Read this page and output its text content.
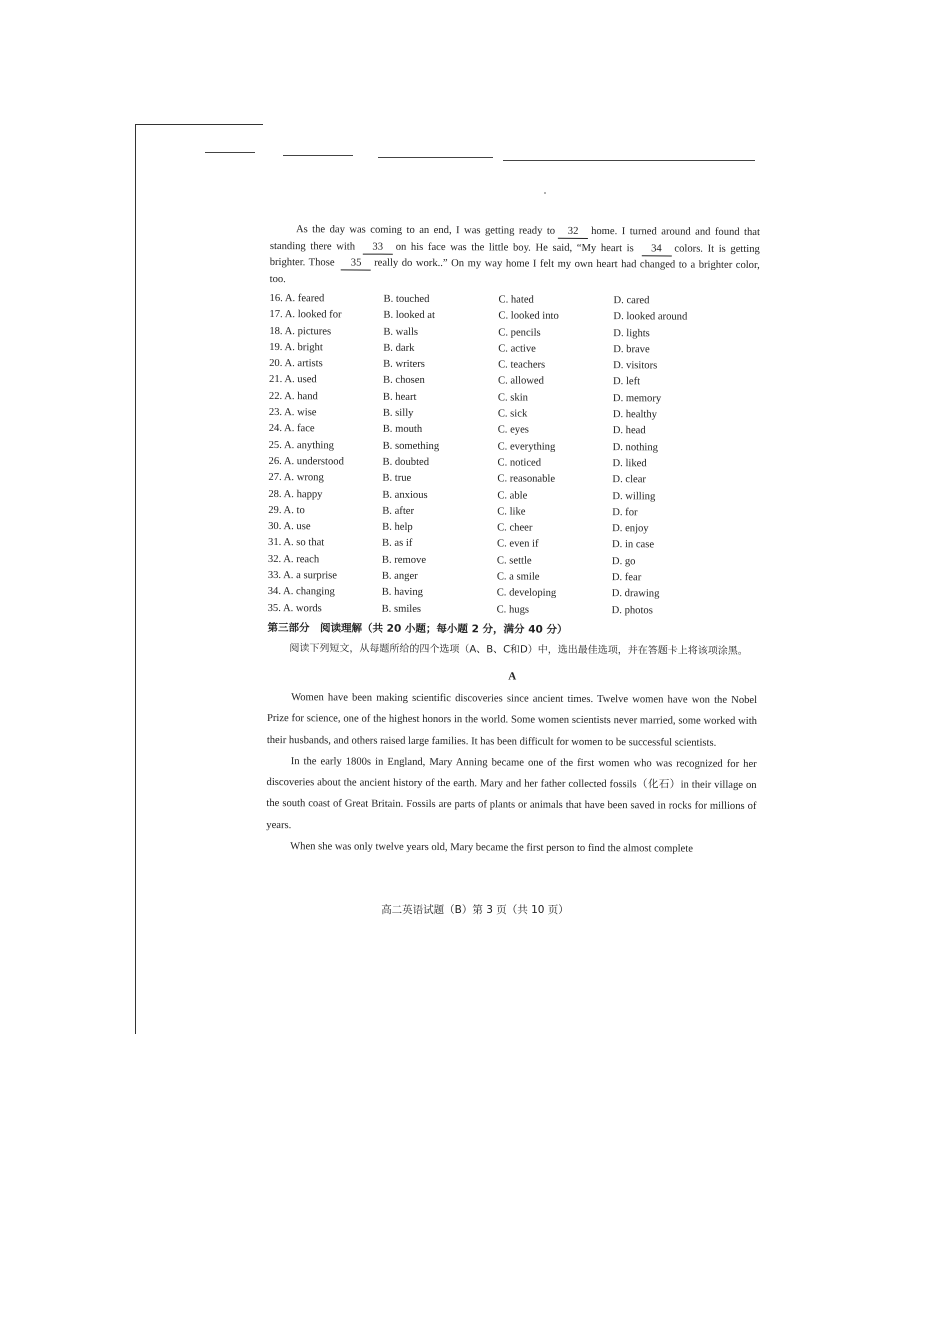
As the day was coming to an end, I was getting ready to 32 home. I turned around and found that standing there with 33 on his face was the little boy. He said, “My heart is 34 colors. It is getting brighter. Those 35 really do work..” On my way home I felt my own heart had changed to a brighter color, too.

16. A. feared	B. touched	C. hated	D. cared
17. A. looked for	B. looked at	C. looked into	D. looked around
18. A. pictures	B. walls	C. pencils	D. lights
19. A. bright	B. dark	C. active	D. brave
20. A. artists	B. writers	C. teachers	D. visitors
21. A. used	B. chosen	C. allowed	D. left
22. A. hand	B. heart	C. skin	D. memory
23. A. wise	B. silly	C. sick	D. healthy
24. A. face	B. mouth	C. eyes	D. head
25. A. anything	B. something	C. everything	D. nothing
26. A. understood	B. doubted	C. noticed	D. liked
27. A. wrong	B. true	C. reasonable	D. clear
28. A. happy	B. anxious	C. able	D. willing
29. A. to	B. after	C. like	D. for
30. A. use	B. help	C. cheer	D. enjoy
31. A. so that	B. as if	C. even if	D. in case
32. A. reach	B. remove	C. settle	D. go
33. A. a surprise	B. anger	C. a smile	D. fear
34. A. changing	B. having	C. developing	D. drawing
35. A. words	B. smiles	C. hugs	D. photos
第三部分　阅读理解（共 20 小题；每小题 2 分，满分 40 分）

阅读下列短文，从每题所给的四个选项（A、B、C和D）中，选出最佳选项，并在答题卡上将该项涂黑。

A

Women have been making scientific discoveries since ancient times. Twelve women have won the Nobel Prize for science, one of the highest honors in the world. Some women scientists never married, some worked with their husbands, and others raised large families. It has been difficult for women to be successful scientists.

In the early 1800s in England, Mary Anning became one of the first women who was recognized for her discoveries about the ancient history of the earth. Mary and her father collected fossils（化石）in their village on the south coast of Great Britain. Fossils are parts of plants or animals that have been saved in rocks for millions of years.

When she was only twelve years old, Mary became the first person to find the almost complete

高二英语试题（B）第 3 页（共 10 页）
